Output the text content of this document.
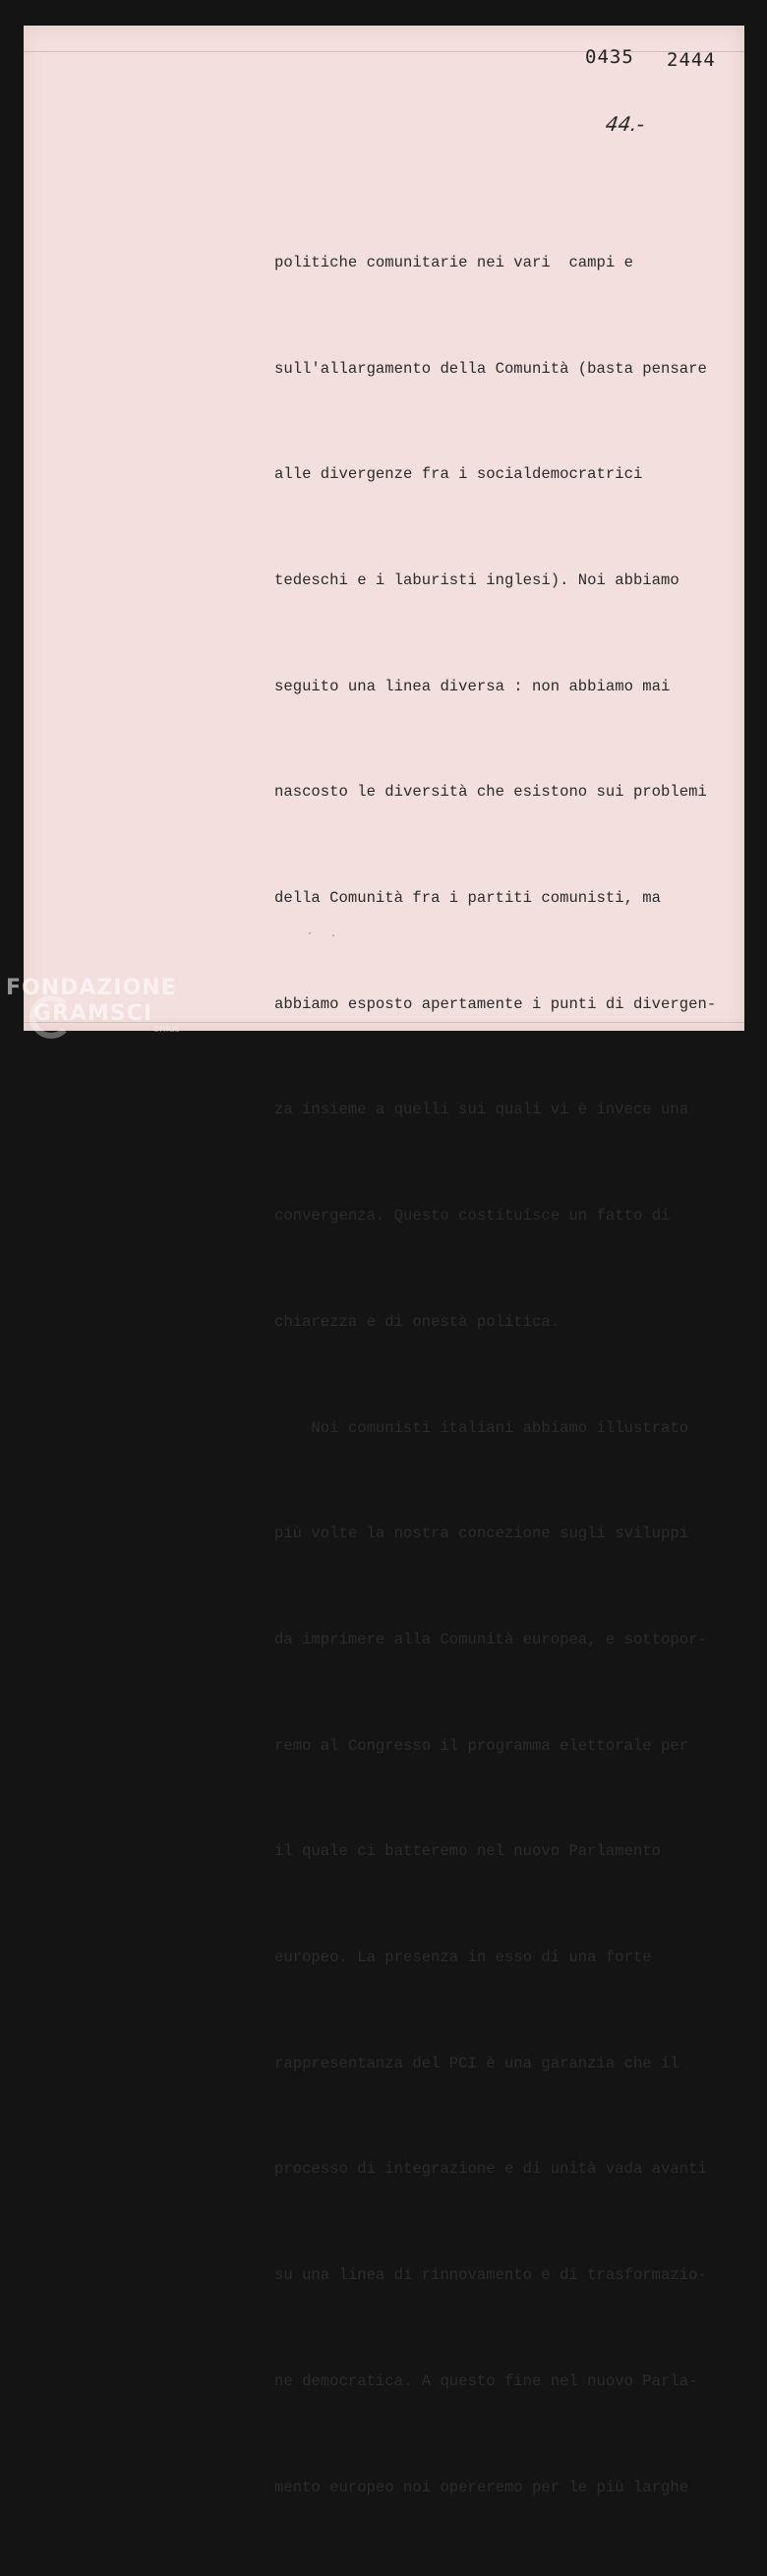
0435 2444
44.-

politiche comunitarie nei vari  campi e

sull'allargamento della Comunità (basta pensare

alle divergenze fra i socialdemocratrici

tedeschi e i laburisti inglesi). Noi abbiamo

seguito una linea diversa : non abbiamo mai

nascosto le diversità che esistono sui problemi

della Comunità fra i partiti comunisti, ma

abbiamo esposto apertamente i punti di divergen-

za insieme a quelli sui quali vi è invece una

convergenza. Questo costituisce un fatto di

chiarezza e di onestà politica.

Noi comunisti italiani abbiamo illustrato

più volte la nostra concezione sugli sviluppi

da imprimere alla Comunità europea, e sottopor-

remo al Congresso il programma elettorale per

il quale ci batteremo nel nuovo Parlamento

europeo. La presenza in esso di una forte

rappresentanza del PCI è una garanzia che il

processo di integrazione e di unità vada avanti

su una linea di rinnovamento e di trasformazio-

ne democratica. A questo fine nel nuovo Parla-

mento europeo noi opereremo per le più larghe

· .
FONDAZIONE
GRAMSCI
onlus
